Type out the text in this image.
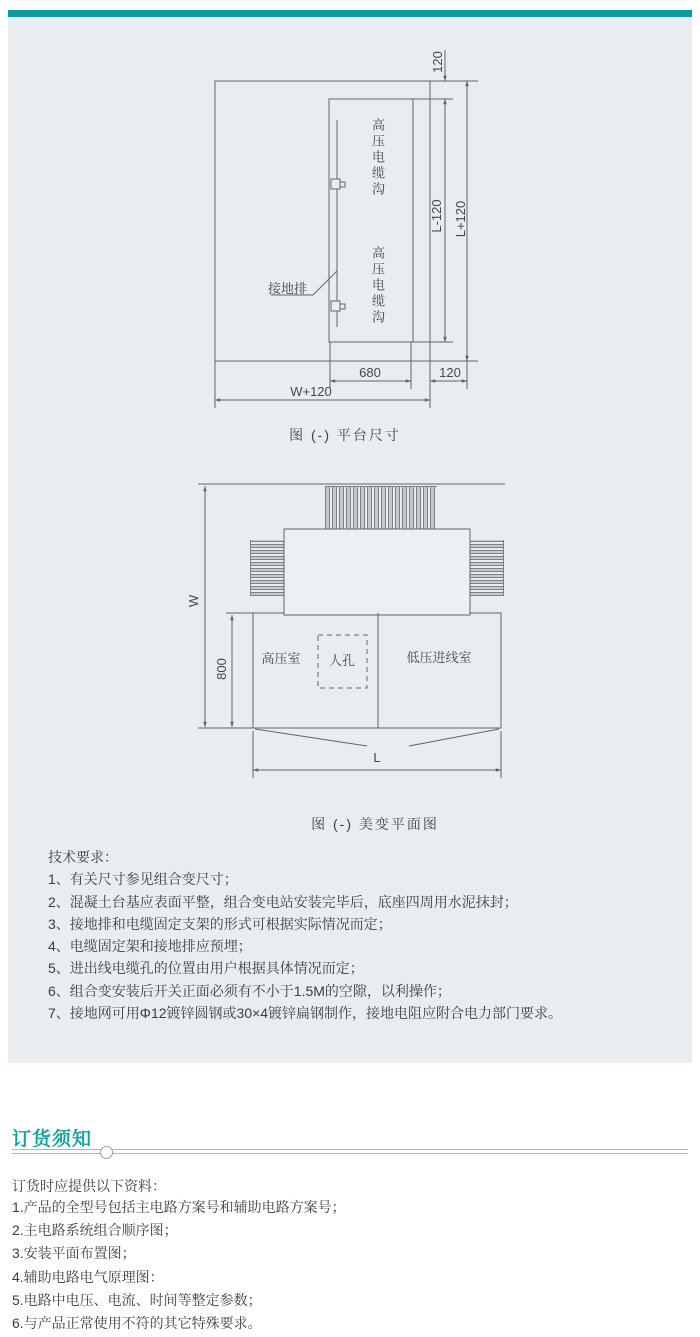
高压电缆沟
高压电缆沟
接地排
120
L-120 L+120
680	120
W+120
图 (-) 平台尺寸
W
800	高压室	人孔	低压进线室
L
图 (-) 美变平面图

技术要求：

1、有关尺寸参见组合变尺寸；

2、混凝土台基应表面平整，组合变电站安装完毕后，底座四周用水泥抹封；

3、接地排和电缆固定支架的形式可根据实际情况而定；

4、电缆固定架和接地排应预埋；

5、进出线电缆孔的位置由用户根据具体情况而定；

6、组合变安装后开关正面必须有不小于1.5M的空隙，以利操作；

7、接地网可用Φ12镀锌圆钢或30×4镀锌扁钢制作，接地电阻应附合电力部门要求。

订货须知
订货时应提供以下资料：

1.产品的全型号包括主电路方案号和辅助电路方案号；

2.主电路系统组合顺序图；

3.安装平面布置图；

4.辅助电路电气原理图：

5.电路中电压、电流、时间等整定参数；

6.与产品正常使用不符的其它特殊要求。
